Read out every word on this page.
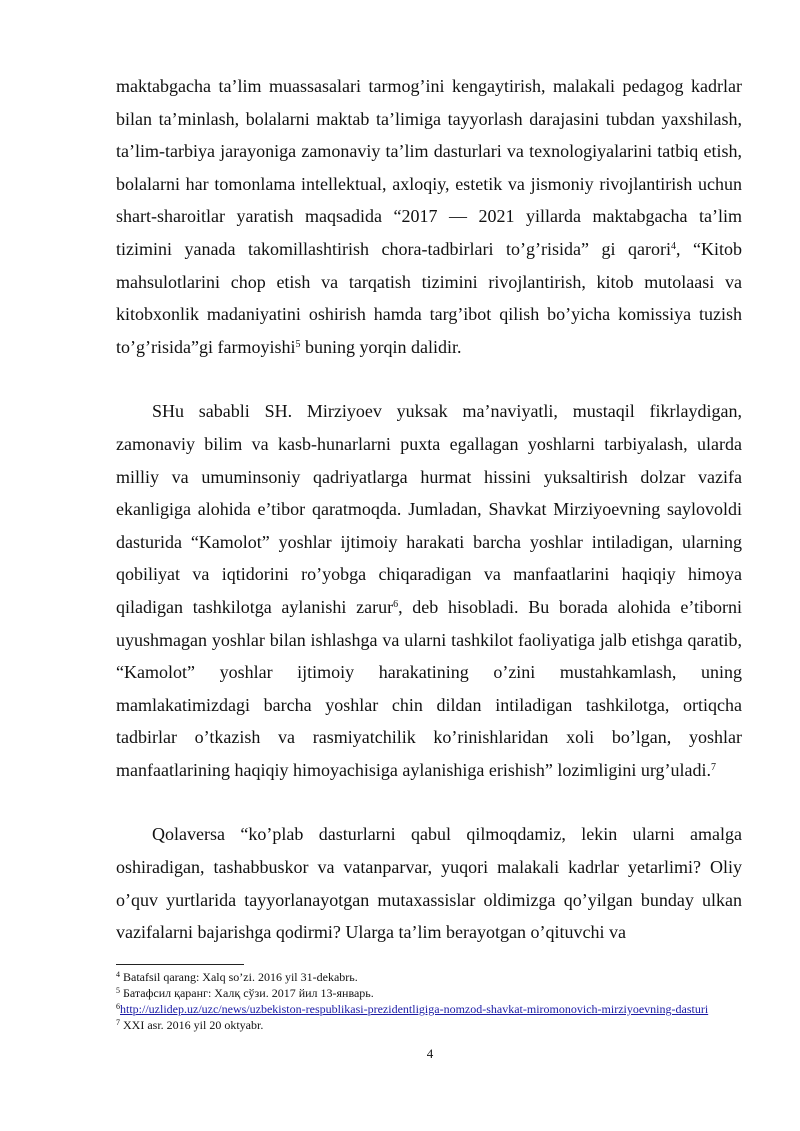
maktabgacha ta’lim muassasalari tarmog’ini kengaytirish, malakali pedagog kadrlar bilan ta’minlash, bolalarni maktab ta’limiga tayyorlash darajasini tubdan yaxshilash, ta’lim-tarbiya jarayoniga zamonaviy ta’lim dasturlari va texnologiyalarini tatbiq etish, bolalarni har tomonlama intellektual, axloqiy, estetik va jismoniy rivojlantirish uchun shart-sharoitlar yaratish maqsadida “2017 — 2021 yillarda maktabgacha ta’lim tizimini yanada takomillashtirish chora-tadbirlari to’g’risida” gi qarori$^4$, “Kitob mahsulotlarini chop etish va tarqatish tizimini rivojlantirish, kitob mutolaasi va kitobxonlik madaniyatini oshirish hamda targ’ibot qilish bo’yicha komissiya tuzish to’g’risida”gi farmoyishi$^5$ buning yorqin dalidir.

SHu sababli SH. Mirziyoev yuksak ma’naviyatli, mustaqil fikrlaydigan, zamonaviy bilim va kasb-hunarlarni puxta egallagan yoshlarni tarbiyalash, ularda milliy va umuminsoniy qadriyatlarga hurmat hissini yuksaltirish dolzar vazifa ekanligiga alohida e’tibor qaratmoqda. Jumladan, Shavkat Mirziyoevning saylovoldi dasturida “Kamolot” yoshlar ijtimoiy harakati barcha yoshlar intiladigan, ularning qobiliyat va iqtidorini ro’yobga chiqaradigan va manfaatlarini haqiqiy himoya qiladigan tashkilotga aylanishi zarur$^6$, deb hisobladi. Bu borada alohida e’tiborni uyushmagan yoshlar bilan ishlashga va ularni tashkilot faoliyatiga jalb etishga qaratib, “Kamolot” yoshlar ijtimoiy harakatining o’zini mustahkamlash, uning mamlakatimizdagi barcha yoshlar chin dildan intiladigan tashkilotga, ortiqcha tadbirlar o’tkazish va rasmiyatchilik ko’rinishlaridan xoli bo’lgan, yoshlar manfaatlarining haqiqiy himoyachisiga aylanishiga erishish” lozimligini urg’uladi.$^7$

Qolaversa “ko’plab dasturlarni qabul qilmoqdamiz, lekin ularni amalga oshiradigan, tashabbuskor va vatanparvar, yuqori malakali kadrlar yetarlimi? Oliy o’quv yurtlarida tayyorlanayotgan mutaxassislar oldimizga qo’yilgan bunday ulkan vazifalarni bajarishga qodirmi? Ularga ta’lim berayotgan o’qituvchi va

$^4$ Batafsil qarang: Xalq so’zi. 2016 yil 31-dekabrь.

$^5$ Батафсил қаранг: Халқ сўзи. 2017 йил 13-январь.

$^6$http://uzlidep.uz/uzc/news/uzbekiston-respublikasi-prezidentligiga-nomzod-shavkat-miromonovich-mirziyoevning-dasturi

$^7$ XXI asr. 2016 yil 20 oktyabr.

4
